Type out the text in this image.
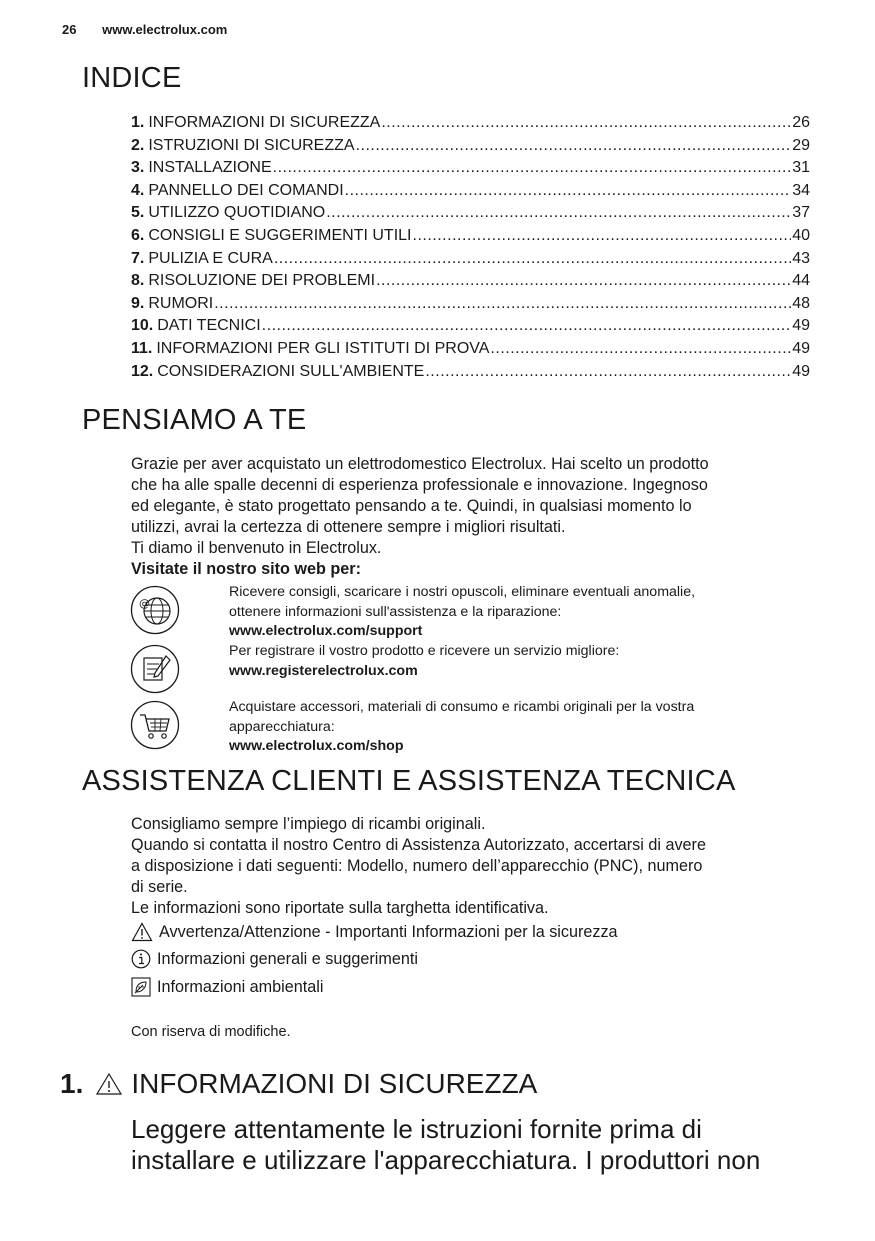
26 www.electrolux.com
INDICE
1. INFORMAZIONI DI SICUREZZA .....	26
2. ISTRUZIONI DI SICUREZZA .....	29
3. INSTALLAZIONE .....	31
4. PANNELLO DEI COMANDI .....	34
5. UTILIZZO QUOTIDIANO .....	37
6. CONSIGLI E SUGGERIMENTI UTILI .....	40
7. PULIZIA E CURA .....	43
8. RISOLUZIONE DEI PROBLEMI .....	44
9. RUMORI .....	48
10. DATI TECNICI .....	49
11. INFORMAZIONI PER GLI ISTITUTI DI PROVA .....	49
12. CONSIDERAZIONI SULL'AMBIENTE .....	49
PENSIAMO A TE

Grazie per aver acquistato un elettrodomestico Electrolux. Hai scelto un prodotto

che ha alle spalle decenni di esperienza professionale e innovazione. Ingegnoso

ed elegante, è stato progettato pensando a te. Quindi, in qualsiasi momento lo

utilizzi, avrai la certezza di ottenere sempre i migliori risultati.

Ti diamo il benvenuto in Electrolux.

Visitate il nostro sito web per:

@
Ricevere consigli, scaricare i nostri opuscoli, eliminare eventuali anomalie,
ottenere informazioni sull'assistenza e la riparazione:
www.electrolux.com/support
Per registrare il vostro prodotto e ricevere un servizio migliore:
www.registerelectrolux.com
Acquistare accessori, materiali di consumo e ricambi originali per la vostra
apparecchiatura:
www.electrolux.com/shop
ASSISTENZA CLIENTI E ASSISTENZA TECNICA

Consigliamo sempre l’impiego di ricambi originali.

Quando si contatta il nostro Centro di Assistenza Autorizzato, accertarsi di avere

a disposizione i dati seguenti: Modello, numero dell’apparecchio (PNC), numero

di serie.

Le informazioni sono riportate sulla targhetta identificativa.

Avvertenza/Attenzione - Importanti Informazioni per la sicurezza
Informazioni generali e suggerimenti
Informazioni ambientali
Con riserva di modifiche.
1. INFORMAZIONI DI SICUREZZA
Leggere attentamente le istruzioni fornite prima di
installare e utilizzare l'apparecchiatura. I produttori non
